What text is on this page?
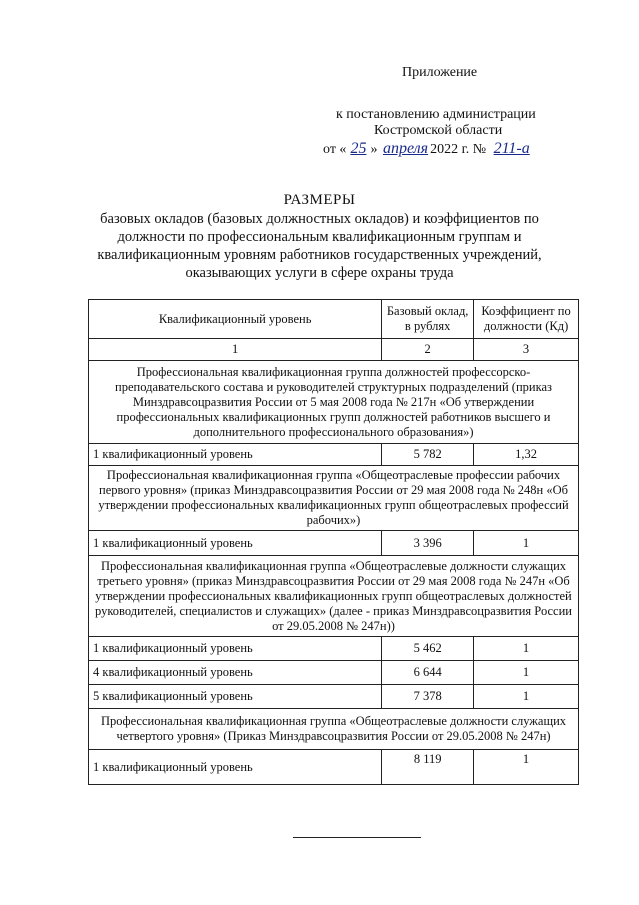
Приложение
к постановлению администрации
Костромской области
от « 25 » апреля 2022 г. № 211-а
РАЗМЕРЫ
базовых окладов (базовых должностных окладов) и коэффициентов по должности по профессиональным квалификационным группам и квалификационным уровням работников государственных учреждений, оказывающих услуги в сфере охраны труда
Квалификационный уровень	Базовый оклад, в рублях	Коэффициент по должности (Кд)
1	2	3
Профессиональная квалификационная группа должностей профессорско-преподавательского состава и руководителей структурных подразделений (приказ Минздравсоцразвития России от 5 мая 2008 года № 217н «Об утверждении профессиональных квалификационных групп должностей работников высшего и дополнительного профессионального образования»)		
1 квалификационный уровень	5 782	1,32
Профессиональная квалификационная группа «Общеотраслевые профессии рабочих первого уровня» (приказ Минздравсоцразвития России от 29 мая 2008 года № 248н «Об утверждении профессиональных квалификационных групп общеотраслевых профессий рабочих»)		
1 квалификационный уровень	3 396	1
Профессиональная квалификационная группа «Общеотраслевые должности служащих третьего уровня» (приказ Минздравсоцразвития России от 29 мая 2008 года № 247н «Об утверждении профессиональных квалификационных групп общеотраслевых должностей руководителей, специалистов и служащих» (далее - приказ Минздравсоцразвития России от 29.05.2008 № 247н))		
1 квалификационный уровень	5 462	1
4 квалификационный уровень	6 644	1
5 квалификационный уровень	7 378	1
Профессиональная квалификационная группа «Общеотраслевые должности служащих четвертого уровня» (Приказ Минздравсоцразвития России от 29.05.2008 № 247н)		
1 квалификационный уровень	8 119	1
